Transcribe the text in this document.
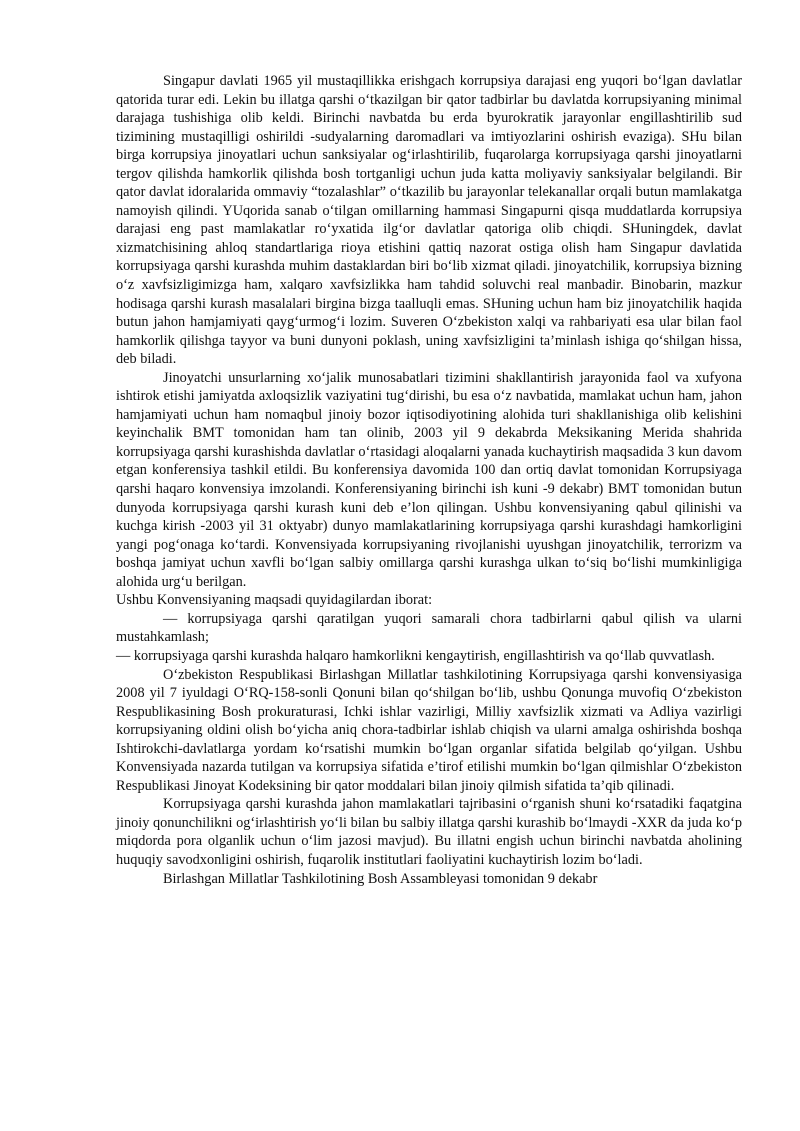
Singapur davlati 1965 yil mustaqillikka erishgach korrupsiya darajasi eng yuqori bo‘lgan davlatlar qatorida turar edi. Lekin bu illatga qarshi o‘tkazilgan bir qator tadbirlar bu davlatda korrupsiyaning minimal darajaga tushishiga olib keldi. Birinchi navbatda bu erda byurokratik jarayonlar engillashtirilib sud tizimining mustaqilligi oshirildi -sudyalarning daromadlari va imtiyozlarini oshirish evaziga). SHu bilan birga korrupsiya jinoyatlari uchun sanksiyalar og‘irlashtirilib, fuqarolarga korrupsiyaga qarshi jinoyatlarni tergov qilishda hamkorlik qilishda bosh tortganligi uchun juda katta moliyaviy sanksiyalar belgilandi. Bir qator davlat idoralarida ommaviy “tozalashlar” o‘tkazilib bu jarayonlar telekanallar orqali butun mamlakatga namoyish qilindi. YUqorida sanab o‘tilgan omillarning hammasi Singapurni qisqa muddatlarda korrupsiya darajasi eng past mamlakatlar ro‘yxatida ilg‘or davlatlar qatoriga olib chiqdi. SHuningdek, davlat xizmatchisining ahloq standartlariga rioya etishini qattiq nazorat ostiga olish ham Singapur davlatida korrupsiyaga qarshi kurashda muhim dastaklardan biri bo‘lib xizmat qiladi. jinoyatchilik, korrupsiya bizning o‘z xavfsizligimizga ham, xalqaro xavfsizlikka ham tahdid soluvchi real manbadir. Binobarin, mazkur hodisaga qarshi kurash masalalari birgina bizga taalluqli emas. SHuning uchun ham biz jinoyatchilik haqida butun jahon hamjamiyati qayg‘urmog‘i lozim. Suveren O‘zbekiston xalqi va rahbariyati esa ular bilan faol hamkorlik qilishga tayyor va buni dunyoni poklash, uning xavfsizligini ta’minlash ishiga qo‘shilgan hissa, deb biladi.

Jinoyatchi unsurlarning xo‘jalik munosabatlari tizimini shakllantirish jarayonida faol va xufyona ishtirok etishi jamiyatda axloqsizlik vaziyatini tug‘dirishi, bu esa o‘z navbatida, mamlakat uchun ham, jahon hamjamiyati uchun ham nomaqbul jinoiy bozor iqtisodiyotining alohida turi shakllanishiga olib kelishini keyinchalik BMT tomonidan ham tan olinib, 2003 yil 9 dekabrda Meksikaning Merida shahrida korrupsiyaga qarshi kurashishda davlatlar o‘rtasidagi aloqalarni yanada kuchaytirish maqsadida 3 kun davom etgan konferensiya tashkil etildi. Bu konferensiya davomida 100 dan ortiq davlat tomonidan Korrupsiyaga qarshi haqaro konvensiya imzolandi. Konferensiyaning birinchi ish kuni -9 dekabr) BMT tomonidan butun dunyoda korrupsiyaga qarshi kurash kuni deb e’lon qilingan. Ushbu konvensiyaning qabul qilinishi va kuchga kirish -2003 yil 31 oktyabr) dunyo mamlakatlarining korrupsiyaga qarshi kurashdagi hamkorligini yangi pog‘onaga ko‘tardi. Konvensiyada korrupsiyaning rivojlanishi uyushgan jinoyatchilik, terrorizm va boshqa jamiyat uchun xavfli bo‘lgan salbiy omillarga qarshi kurashga ulkan to‘siq bo‘lishi mumkinligiga alohida urg‘u berilgan.

Ushbu Konvensiyaning maqsadi quyidagilardan iborat:

— korrupsiyaga qarshi qaratilgan yuqori samarali chora tadbirlarni qabul qilish va ularni mustahkamlash;

— korrupsiyaga qarshi kurashda halqaro hamkorlikni kengaytirish, engillashtirish va qo‘llab quvvatlash.

O‘zbekiston Respublikasi Birlashgan Millatlar tashkilotining Korrupsiyaga qarshi konvensiyasiga 2008 yil 7 iyuldagi O‘RQ-158-sonli Qonuni bilan qo‘shilgan bo‘lib, ushbu Qonunga muvofiq O‘zbekiston Respublikasining Bosh prokuraturasi, Ichki ishlar vazirligi, Milliy xavfsizlik xizmati va Adliya vazirligi korrupsiyaning oldini olish bo‘yicha aniq chora-tadbirlar ishlab chiqish va ularni amalga oshirishda boshqa Ishtirokchi-davlatlarga yordam ko‘rsatishi mumkin bo‘lgan organlar sifatida belgilab qo‘yilgan. Ushbu Konvensiyada nazarda tutilgan va korrupsiya sifatida e’tirof etilishi mumkin bo‘lgan qilmishlar O‘zbekiston Respublikasi Jinoyat Kodeksining bir qator moddalari bilan jinoiy qilmish sifatida ta’qib qilinadi.

Korrupsiyaga qarshi kurashda jahon mamlakatlari tajribasini o‘rganish shuni ko‘rsatadiki faqatgina jinoiy qonunchilikni og‘irlashtirish yo‘li bilan bu salbiy illatga qarshi kurashib bo‘lmaydi -XXR da juda ko‘p miqdorda pora olganlik uchun o‘lim jazosi mavjud). Bu illatni engish uchun birinchi navbatda aholining huquqiy savodxonligini oshirish, fuqarolik institutlari faoliyatini kuchaytirish lozim bo‘ladi.

Birlashgan Millatlar Tashkilotining Bosh Assambleyasi tomonidan 9 dekabr
